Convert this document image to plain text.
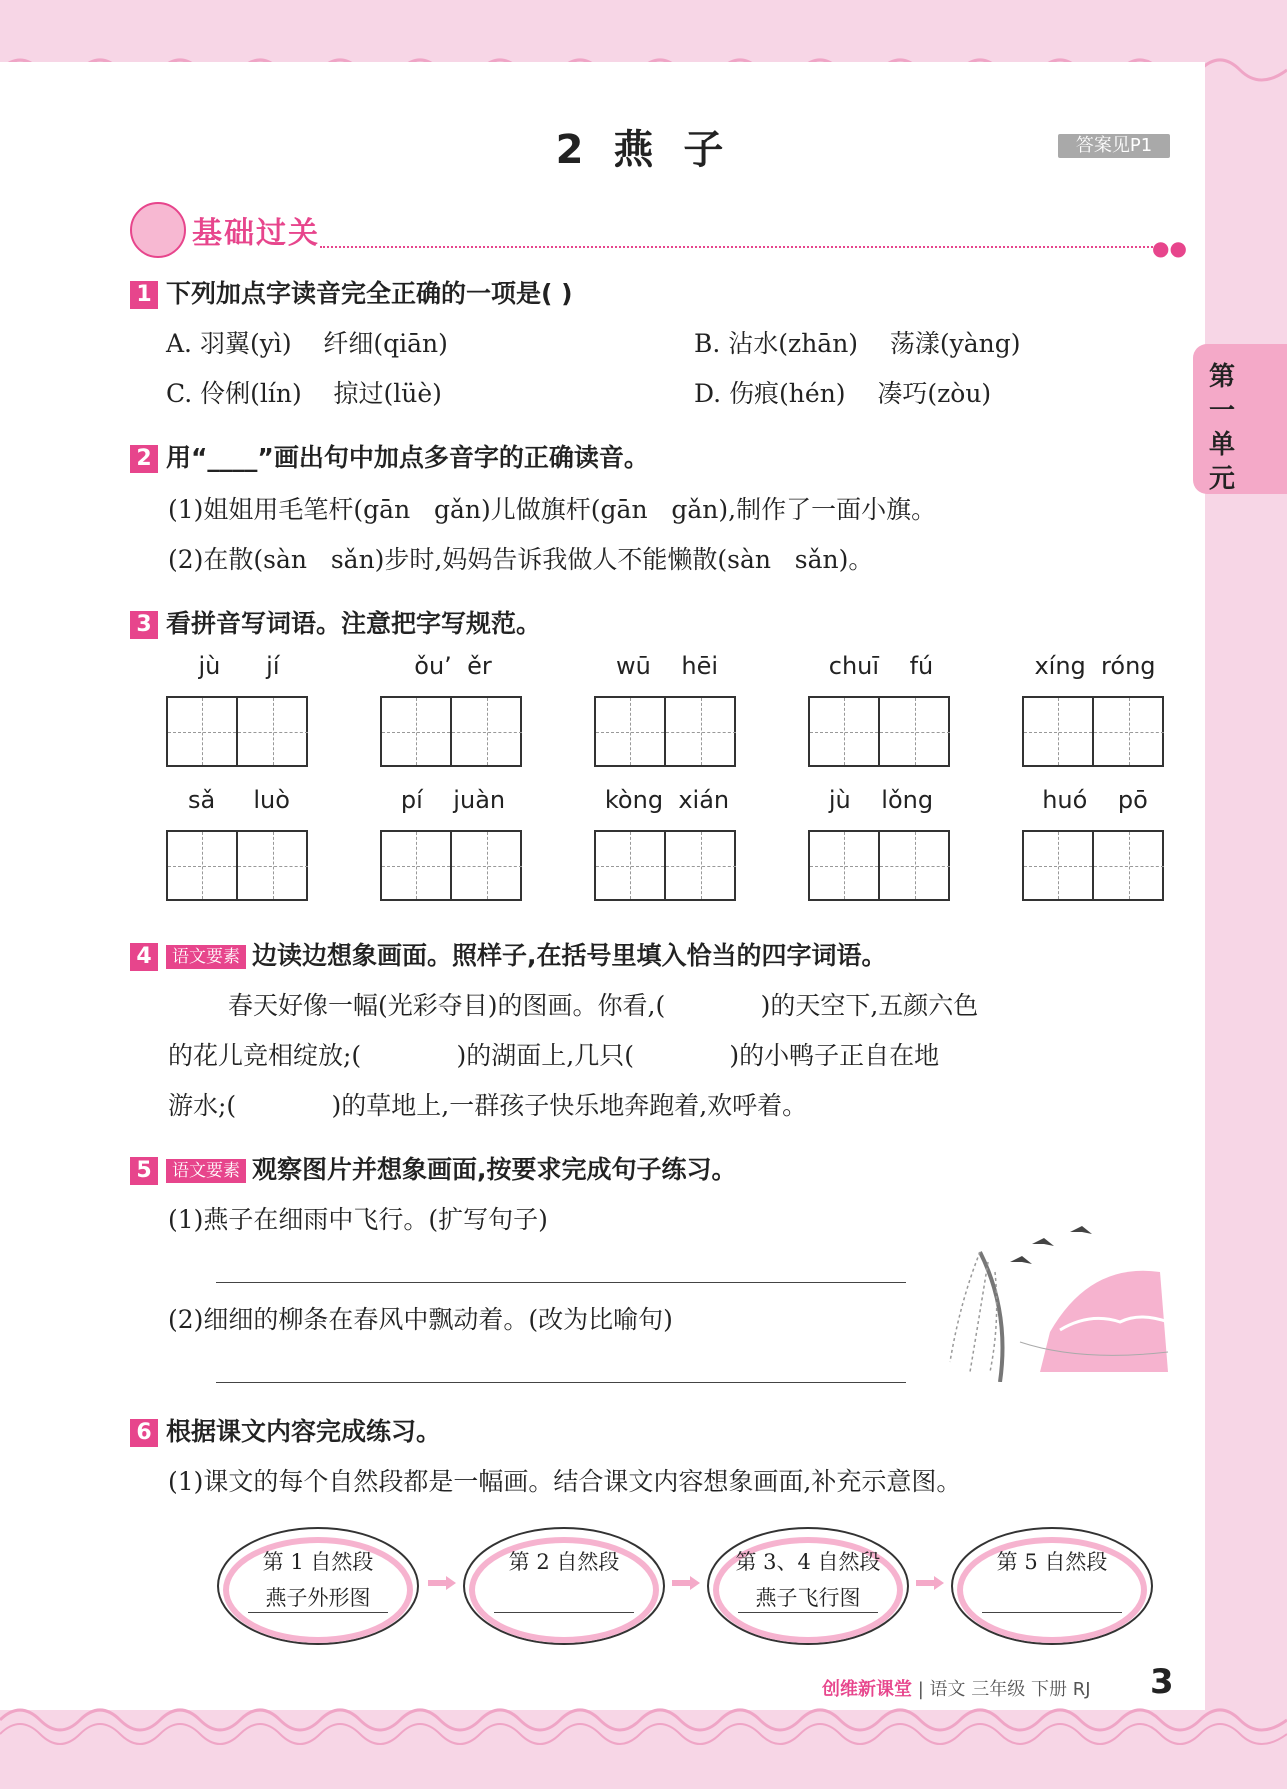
2 燕 子	答案见P1
第一单元
基础过关	●●
1 下列加点字读音完全正确的一项是( )
A. 羽翼(yì)    纤细(qiān)	B. 沾水(zhān)    荡漾(yàng)
C. 伶俐(lín)    掠过(lüè)	D. 伤痕(hén)    凑巧(zòu)
2 用“____”画出句中加点多音字的正确读音。
(1)姐姐用毛笔杆(gān   gǎn)儿做旗杆(gān   gǎn),制作了一面小旗。
(2)在散(sàn   sǎn)步时,妈妈告诉我做人不能懒散(sàn   sǎn)。
3 看拼音写词语。注意把字写规范。
jù      jí	ǒu’  ěr	wū    hēi	chuī    fú	xíng  róng
sǎ     luò	pí    juàn	kòng  xián	jù    lǒng	huó    pō
4 语文要素 边读边想象画面。照样子,在括号里填入恰当的四字词语。
春天好像一幅(光彩夺目)的图画。你看,(            )的天空下,五颜六色
的花儿竞相绽放;(            )的湖面上,几只(            )的小鸭子正自在地
游水;(            )的草地上,一群孩子快乐地奔跑着,欢呼着。
5 语文要素 观察图片并想象画面,按要求完成句子练习。
(1)燕子在细雨中飞行。(扩写句子)
(2)细细的柳条在春风中飘动着。(改为比喻句)
6 根据课文内容完成练习。
(1)课文的每个自然段都是一幅画。结合课文内容想象画面,补充示意图。
第 1 自然段
燕子外形图
第 2 自然段	第 3、4 自然段
燕子飞行图
第 5 自然段
创维新课堂 | 语文 三年级 下册 RJ 3
